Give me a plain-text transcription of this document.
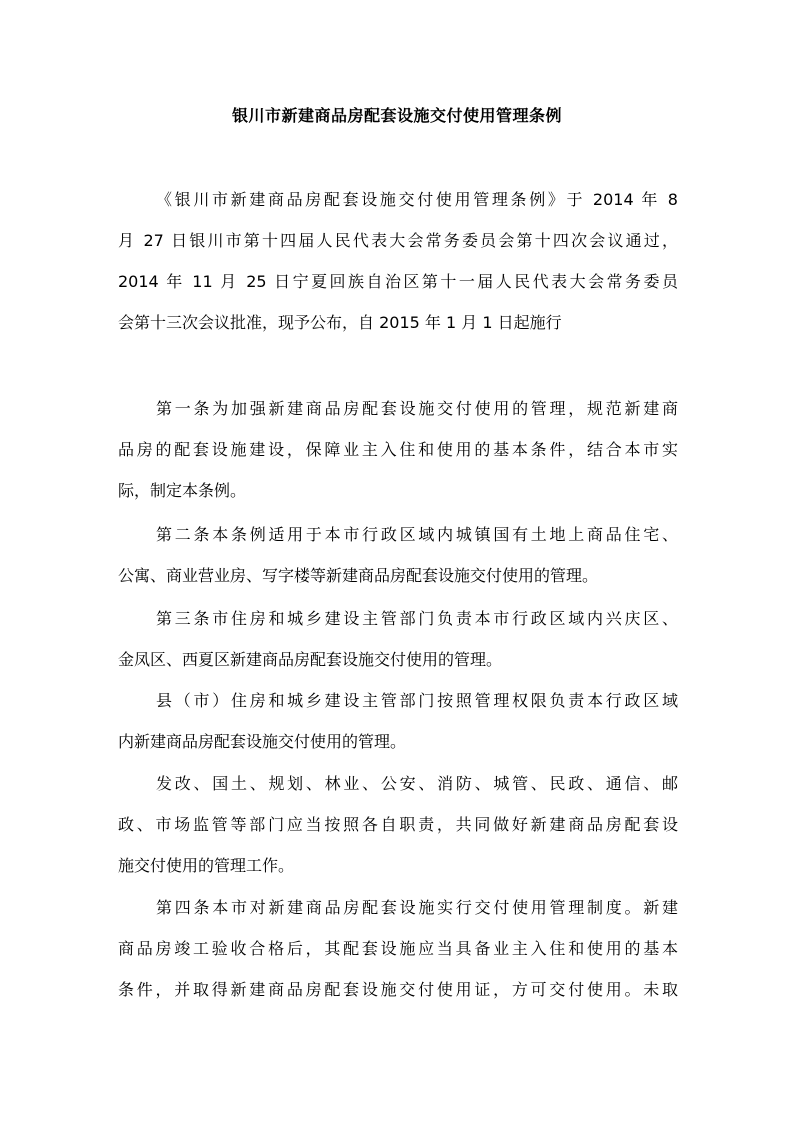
银川市新建商品房配套设施交付使用管理条例
《银川市新建商品房配套设施交付使用管理条例》于 2014 年 8
月 27 日银川市第十四届人民代表大会常务委员会第十四次会议通过，
2014 年 11 月 25 日宁夏回族自治区第十一届人民代表大会常务委员
会第十三次会议批准，现予公布，自 2015 年 1 月 1 日起施行
第一条为加强新建商品房配套设施交付使用的管理，规范新建商
品房的配套设施建设，保障业主入住和使用的基本条件，结合本市实
际，制定本条例。
第二条本条例适用于本市行政区域内城镇国有土地上商品住宅、
公寓、商业营业房、写字楼等新建商品房配套设施交付使用的管理。
第三条市住房和城乡建设主管部门负责本市行政区域内兴庆区、
金凤区、西夏区新建商品房配套设施交付使用的管理。
县（市）住房和城乡建设主管部门按照管理权限负责本行政区域
内新建商品房配套设施交付使用的管理。
发改、国土、规划、林业、公安、消防、城管、民政、通信、邮
政、市场监管等部门应当按照各自职责，共同做好新建商品房配套设
施交付使用的管理工作。
第四条本市对新建商品房配套设施实行交付使用管理制度。新建
商品房竣工验收合格后，其配套设施应当具备业主入住和使用的基本
条件，并取得新建商品房配套设施交付使用证，方可交付使用。未取
